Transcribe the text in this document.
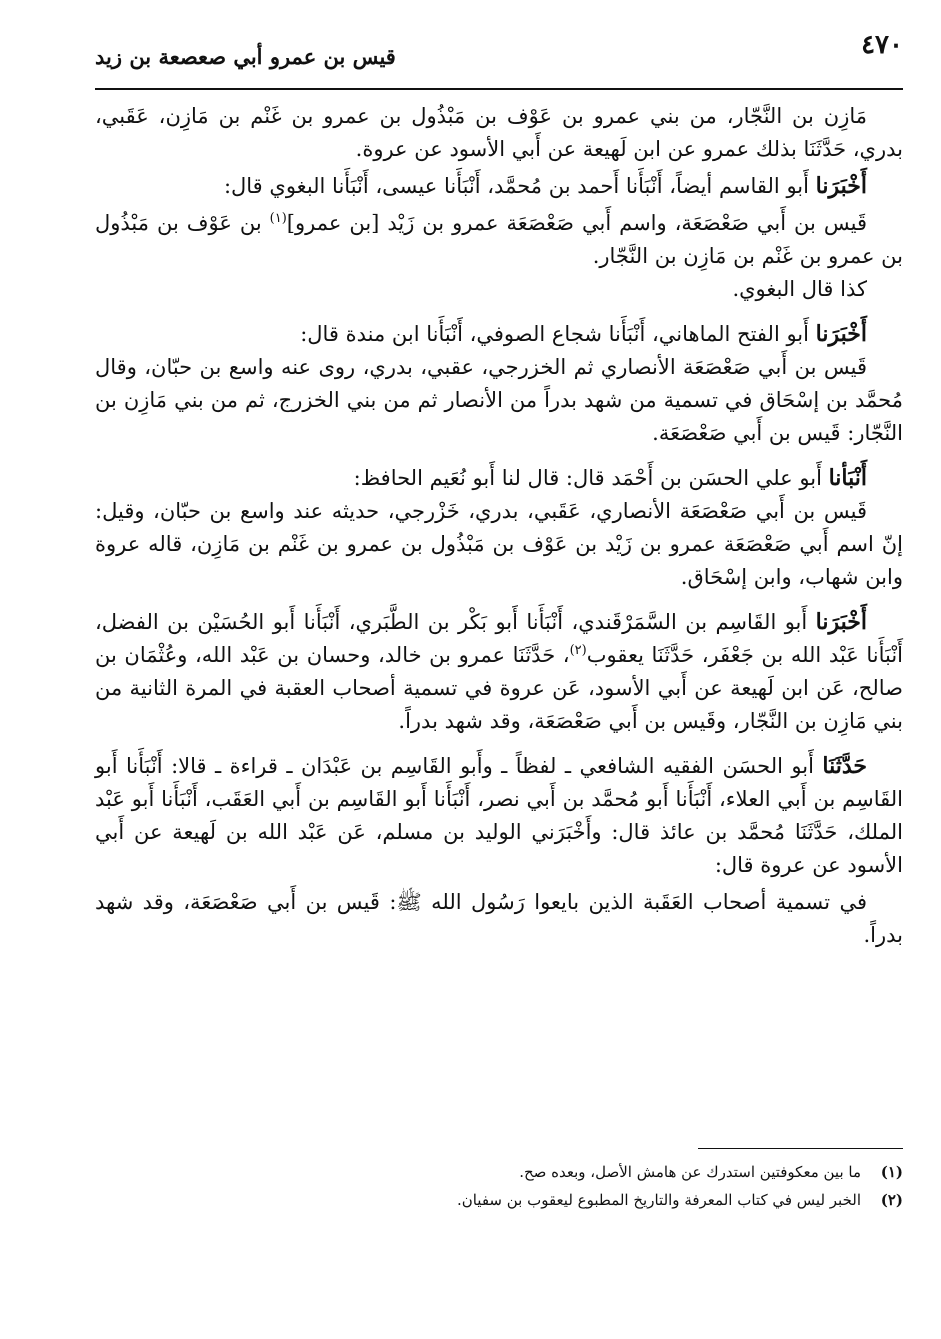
٤٧٠
قيس بن عمرو أبي صعصعة بن زيد

مَازِن بن النَّجّار، من بني عمرو بن عَوْف بن مَبْذُول بن عمرو بن غَنْم بن مَازِن، عَقَبي، بدري، حَدَّثَنَا بذلك عمرو عن ابن لَهيعة عن أَبي الأسود عن عروة.

أَخْبَرَنا أَبو القاسم أيضاً، أَنْبَأَنا أَحمد بن مُحمَّد، أَنْبَأَنا عيسى، أَنْبَأَنا البغوي قال:

قَيس بن أَبي صَعْصَعَة، واسم أَبي صَعْصَعَة عمرو بن زَيْد [بن عمرو]$^{(١)}$ بن عَوْف بن مَبْذُول بن عمرو بن غَنْم بن مَازِن بن النَّجّار.

كذا قال البغوي.

أَخْبَرَنا أَبو الفتح الماهاني، أَنْبَأَنا شجاع الصوفي، أَنْبَأَنا ابن مندة قال:

قَيس بن أَبي صَعْصَعَة الأنصاري ثم الخزرجي، عقبي، بدري، روى عنه واسع بن حبّان، وقال مُحمَّد بن إسْحَاق في تسمية من شهد بدراً من الأنصار ثم من بني الخزرج، ثم من بني مَازِن بن النَّجّار: قَيس بن أَبي صَعْصَعَة.

أَنْبَأنا أَبو علي الحسَن بن أَحْمَد قال: قال لنا أَبو نُعَيم الحافظ:

قَيس بن أَبي صَعْصَعَة الأنصاري، عَقَبي، بدري، خَزْرجي، حديثه عند واسع بن حبّان، وقيل: إنّ اسم أَبي صَعْصَعَة عمرو بن زَيْد بن عَوْف بن مَبْذُول بن عمرو بن غَنْم بن مَازِن، قاله عروة وابن شهاب، وابن إسْحَاق.

أَخْبَرَنا أَبو القَاسِم بن السَّمَرْقَندي، أَنْبَأَنا أَبو بَكْر بن الطَّبَري، أَنْبَأَنا أَبو الحُسَيْن بن الفضل، أَنْبَأَنا عَبْد الله بن جَعْفَر، حَدَّثَنَا يعقوب$^{(٢)}$، حَدَّثَنَا عمرو بن خالد، وحسان بن عَبْد الله، وعُثْمَان بن صالح، عَن ابن لَهيعة عن أَبي الأسود، عَن عروة في تسمية أصحاب العقبة في المرة الثانية من بني مَازِن بن النَّجّار، وقَيس بن أَبي صَعْصَعَة، وقد شهد بدراً.

حَدَّثَنَا أَبو الحسَن الفقيه الشافعي ـ لفظاً ـ وأَبو القَاسِم بن عَبْدَان ـ قراءة ـ قالا: أَنْبَأَنا أَبو القَاسِم بن أَبي العلاء، أَنْبَأَنا أَبو مُحمَّد بن أَبي نصر، أَنْبَأَنا أَبو القَاسِم بن أَبي العَقَب، أَنْبَأَنا أَبو عَبْد الملك، حَدَّثَنَا مُحمَّد بن عائذ قال: وأَخْبَرَني الوليد بن مسلم، عَن عَبْد الله بن لَهيعة عن أَبي الأسود عن عروة قال:

في تسمية أصحاب العَقَبة الذين بايعوا رَسُول الله ﷺ: قَيس بن أَبي صَعْصَعَة، وقد شهد بدراً.

(١)
ما بين معكوفتين استدرك عن هامش الأصل، وبعده صح.
(٢)
الخبر ليس في كتاب المعرفة والتاريخ المطبوع ليعقوب بن سفيان.
